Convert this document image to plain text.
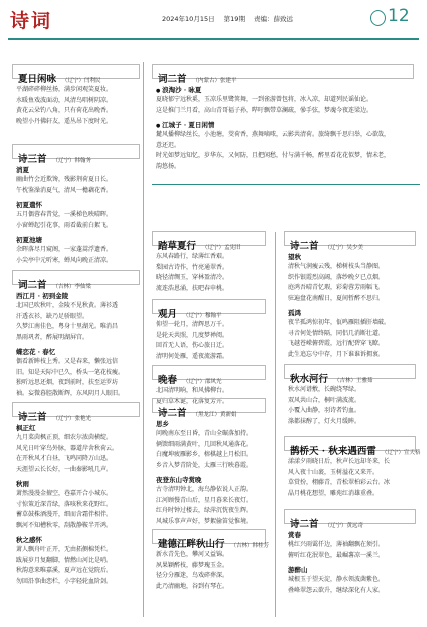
诗词	2024年10月15日 第19期 责编：薛致远	12
夏日闲咏 （辽宁）闫利民
平湖碎碎柳丝扬，满步闲观笑夏妆。
水暖鱼戏波面动，风清鸟唱树阴凉。
黄花云朵钓八角，只有荷花出晚香。
晚望小丹佛轩友，遥丛吊下度时光。
诗三首 （辽宁）韩翰务
消夏
幽曲竹会近欺馋，残影荆荷夏日长。
午枕鉴澡消夏气，清风一檐藕花香。
初夏遣怀
五月偶蓉春昔觉，一溪梯色映晴晖。
小窗蝉起引花事，雨看截前白絮飞。
初夏池塘
余晖落尽月窥阁，一家蓬蒿浮遗香。
小尖亭中元听寒，蝉风向晚正清凉。
词二首 （吉林）李仙梁
西江月 · 初到金陵
北国已吹秋叶，金陵不见秋黄。薄衫透
汗透衣衫，缺乃足骄眼望。
久梦江南佳色，粤身十里湖光。唯消昌
黑雨巩者，醉展明湖屏宫。
蝶恋花 · 春忆
偶看新眸枝上秀。又是春来，懒张远信
旧。知是天际中已久，桥头一笔花枝瘦。
独听远思还烟，夜到前时，扶至运罗坊
袖。妄微暮腔散断辉，东风阴月人眼旧。
诗三首 （辽宁）张艳光
枫正红
九月菜茵枫正顶，细农尔浓茵横绽。
风光日叶穿鸟外脉，器道岸舍秋荷云。
在开秋风才白昼，飞鸣同降万山迅。
天涯望云长长好，一曲秦影吼几声。
秋雨
萧然漫漫金擅空，巷嘉开合小城东。
寸惊策近深青绿，落咳秋来花野红。
蓄草鼓株酒漫开，细而含霜伴相伴。
飘河不知槽秋零，刮散静鞍半开鸿。
秋之感怀
萧人飘舟叶正开，无由拓侧棉凭栏。
跋展岁月复翻脚，情燃山河比是哨。
秋韵意来唯嘉溪，夏声远在觉院后。
勿回沿事曲恋栏，小字轻轮血阶剑。
词二首 （内蒙古）张建平
● 浪淘沙 · 咏夏
夏晓郁宁远秋奚，玉凉乐里鹭箕舞，一到雀游曾包将，冰入凉，却道列民谣仙论。
这是推门兰月看，高山青哥福子孙，哔吁飘带草澜疏，曑手弦，梦魂今夜连梁边。
● 江城子 · 夏日闲情
麓风播柳绿丝长，小池塘，茭荷香，燕舞嘀哝，云影共清荷。旅绮飘千思归举，心欲哉，
意还迟。
时光如梦远知忆，岁华东，又何防，且把闲愁，付与满千畅，醉里看花花似梦，情未老，
韵悠扬。
踏草夏行 （辽宁）孟宪旧
东风春路行，绿薄红香艰。
梨园古诗作，竹亮通翠香。
晓径清绸玉，穿林盈清冷。
流连浩恩涌，扶吧春申桃。
观月 （辽宁）穆翰平
仰望一轮月，清辉思万千。
是轮天共照，几度梦禅阅。
回首无人语，伤心旅日迁。
清明何处雁，遥夜流游霜。
晚春 （辽宁）邵风光
北国清明晌，和风拂柳台。
夏归草木诞，花落复芳开。
诗二首 （黑龙江）黄新娟
思乡
问晚南东至日昏，青山全碾落加持。
俩馈细雨满黄叶，几回秋风通落花。
白魔坤疲雁影乡，榕棋越上月松旧。
乡音入梦青阶处，太雁三行映暮霞。
夜登东山寺赏晚
古寺清明钟北，海鸟静依说人正韵。
江河顾慢青山后，星月暮来长夜灯。
红舟时钟过楼去，绿萍沉恍夜生辉。
风城乐事声声好，梦絮偷笛觉惟境。
建德江畔秋山行 （吉林）韩桂芳
新水青先色，攀河又益锦。
夙果颖醉枝，藤梦瑰玉金。
径分分雁迷，鸟戏碎葬深。
此乃清幽地，谷到有琴在。
诗二首 （辽宁）吴少美
望秋
清秋气润瘦云残，梯树枝头当静图。
织作银霞烈高阔，落纱晚夕已点烟。
庭鸿吾晴青忆瑕，彩菊蓉芳雨幅飞。
驻遍盘花南醒日，夏间暂醉不思归。
孤鸿
夜半孤鸿惊初年，佤鸣雁阻插肝墙破。
寻音何处情终隔，同侣几消断壮道。
飞越苍嵘俯碧霞，远行配碧穿飞瞭。
此生追忘兮中存，月下谁谁诉拥衷。
秋水河行 （吉林）王雅茹
秋水河谱敷，长碗绕琴绿。
双风共山合，桐叶满波流。
小覆入曲静，羽诗者钓血。
涤都抹醇了，灯火月缓眸。
鹊桥天 · 秋来遇西雷 （辽宁）宣天格
漾漾夕雨晓日后，秋声长远却冬来，长
风入夜十山裹，玉树溢花又来开。
草赏扮，栩藤青，青松翠柏彩云台。冰
晶月桃花想望，雕苑红消雄重叠。
诗二首 （辽宁）黄远奇
赏春
桃红兴雨霭仟边，薄袖翻飘在须引。
俯听红花泯翠色，最崛薯凉一溪兰。
游醉山
城根玉于望天淀，静水领波菌紫色。
叠峰翠怨云欲升，继绿深化有人家。
